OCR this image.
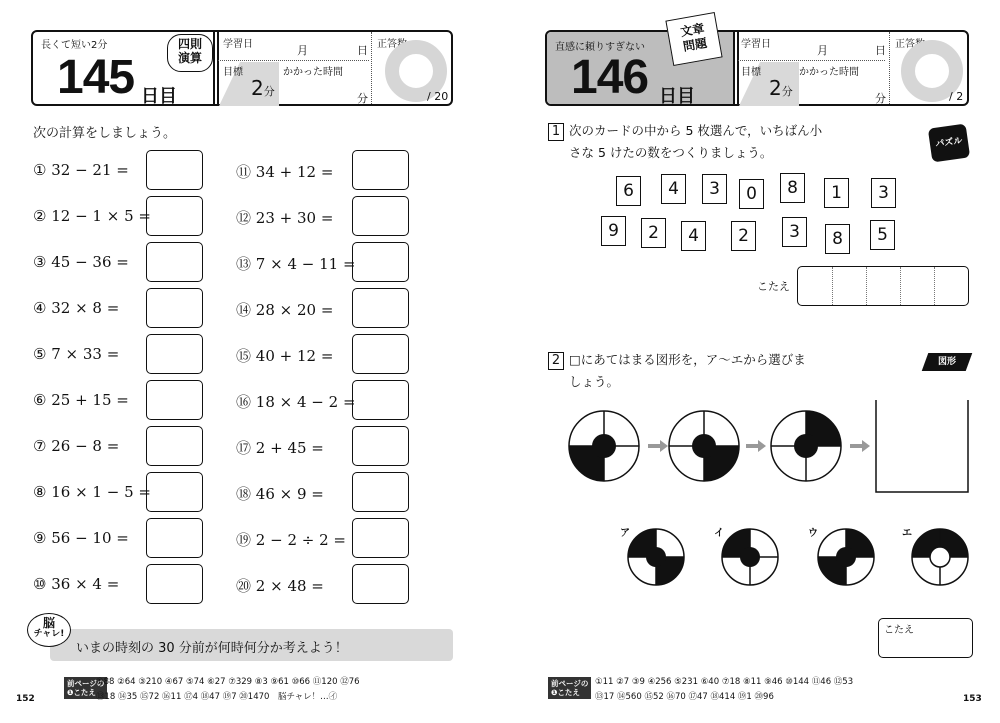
長くて短い2分
145 日目
四則
演算
学習日	月	日
目標
2分
かかった時間
分
正答数
/ 20
次の計算をしましょう。
① 32 − 21 =
② 12 − 1 × 5 =
③ 45 − 36 =
④ 32 × 8 =
⑤ 7 × 33 =
⑥ 25 + 15 =
⑦ 26 − 8 =
⑧ 16 × 1 − 5 =
⑨ 56 − 10 =
⑩ 36 × 4 =
⑪ 34 + 12 =
⑫ 23 + 30 =
⑬ 7 × 4 − 11 =
⑭ 28 × 20 =
⑮ 40 + 12 =
⑯ 18 × 4 − 2 =
⑰ 2 + 45 =
⑱ 46 × 9 =
⑲ 2 − 2 ÷ 2 =
⑳ 2 × 48 =
脳
チャレ!
いまの時刻の 30 分前が何時何分か考えよう！
前ページの
❶こたえ
①88 ②64 ③210 ④67 ⑤74 ⑥27 ⑦329 ⑧3 ⑨61 ⑩66 ⑪120 ⑫76
⑬18 ⑭35 ⑮72 ⑯11 ⑰4 ⑱47 ⑲7 ⑳1470　脳チャレ！…㋑
152
直感に頼りすぎない
146 日目
文章
問題	学習日	月	日
目標
2分
かかった時間
分
正答数
/ 2
1 次のカードの中から 5 枚選んで，いちばん小
さな 5 けたの数をつくりましょう。
パズル
6	4	3	0	8	1	3
9	2	4	2	3	8	5
こたえ
2 □にあてはまる図形を，ア〜エから選びま
しょう。
図形
ア	イ	ウ	エ
こたえ
前ページの
❶こたえ
①11 ②7 ③9 ④256 ⑤231 ⑥40 ⑦18 ⑧11 ⑨46 ⑩144 ⑪46 ⑫53
⑬17 ⑭560 ⑮52 ⑯70 ⑰47 ⑱414 ⑲1 ⑳96	153
